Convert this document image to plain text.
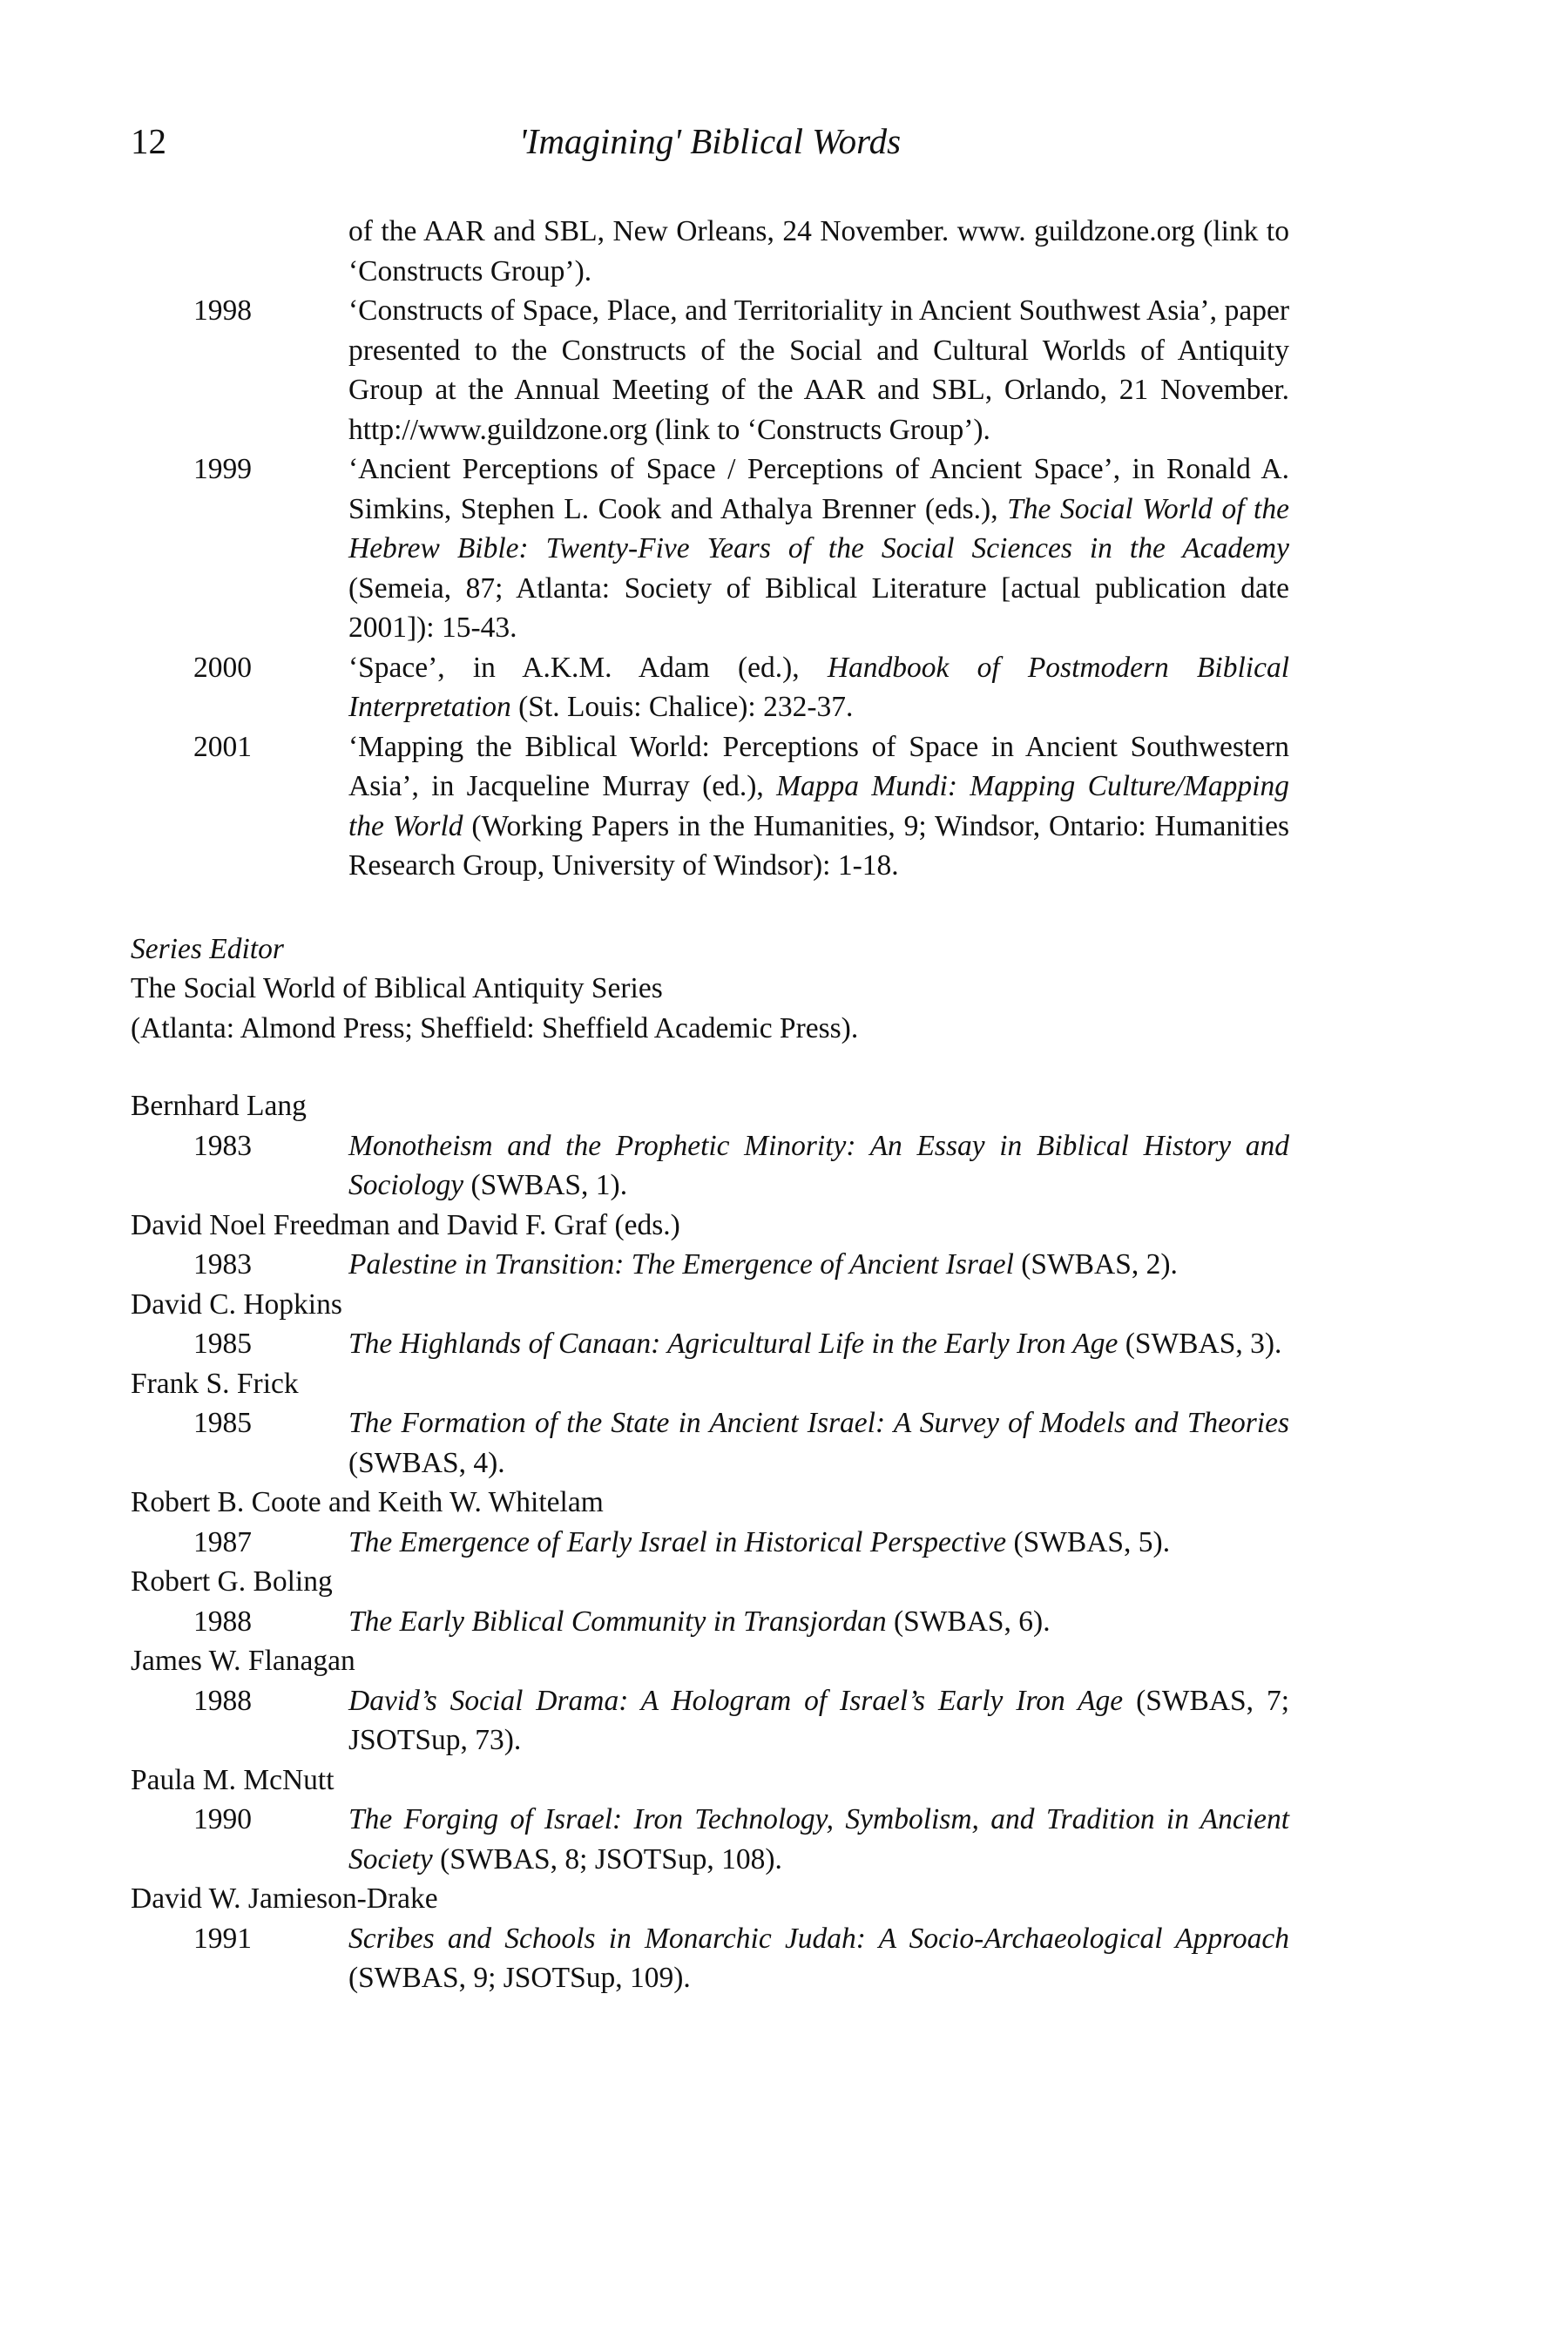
12	'Imagining' Biblical Words
of the AAR and SBL, New Orleans, 24 November. www. guildzone.org (link to ‘Constructs Group’).
1998	‘Constructs of Space, Place, and Territoriality in Ancient Southwest Asia’, paper presented to the Constructs of the Social and Cultural Worlds of Antiquity Group at the Annual Meeting of the AAR and SBL, Orlando, 21 November. http://www.guildzone.org (link to ‘Constructs Group’).
1999	‘Ancient Perceptions of Space / Perceptions of Ancient Space’, in Ronald A. Simkins, Stephen L. Cook and Athalya Brenner (eds.), The Social World of the Hebrew Bible: Twenty-Five Years of the Social Sciences in the Academy (Semeia, 87; Atlanta: Society of Biblical Literature [actual publication date 2001]): 15-43.
2000	‘Space’, in A.K.M. Adam (ed.), Handbook of Postmodern Biblical Interpretation (St. Louis: Chalice): 232-37.
2001	‘Mapping the Biblical World: Perceptions of Space in Ancient Southwestern Asia’, in Jacqueline Murray (ed.), Mappa Mundi: Mapping Culture/Mapping the World (Working Papers in the Humanities, 9; Windsor, Ontario: Humanities Research Group, University of Windsor): 1-18.
Series Editor
The Social World of Biblical Antiquity Series
(Atlanta: Almond Press; Sheffield: Sheffield Academic Press).
Bernhard Lang
1983	Monotheism and the Prophetic Minority: An Essay in Biblical History and Sociology (SWBAS, 1).
David Noel Freedman and David F. Graf (eds.)
1983	Palestine in Transition: The Emergence of Ancient Israel (SWBAS, 2).
David C. Hopkins
1985	The Highlands of Canaan: Agricultural Life in the Early Iron Age (SWBAS, 3).
Frank S. Frick
1985	The Formation of the State in Ancient Israel: A Survey of Models and Theories (SWBAS, 4).
Robert B. Coote and Keith W. Whitelam
1987	The Emergence of Early Israel in Historical Perspective (SWBAS, 5).
Robert G. Boling
1988	The Early Biblical Community in Transjordan (SWBAS, 6).
James W. Flanagan
1988	David’s Social Drama: A Hologram of Israel’s Early Iron Age (SWBAS, 7; JSOTSup, 73).
Paula M. McNutt
1990	The Forging of Israel: Iron Technology, Symbolism, and Tradition in Ancient Society (SWBAS, 8; JSOTSup, 108).
David W. Jamieson-Drake
1991	Scribes and Schools in Monarchic Judah: A Socio-Archaeological Approach (SWBAS, 9; JSOTSup, 109).
